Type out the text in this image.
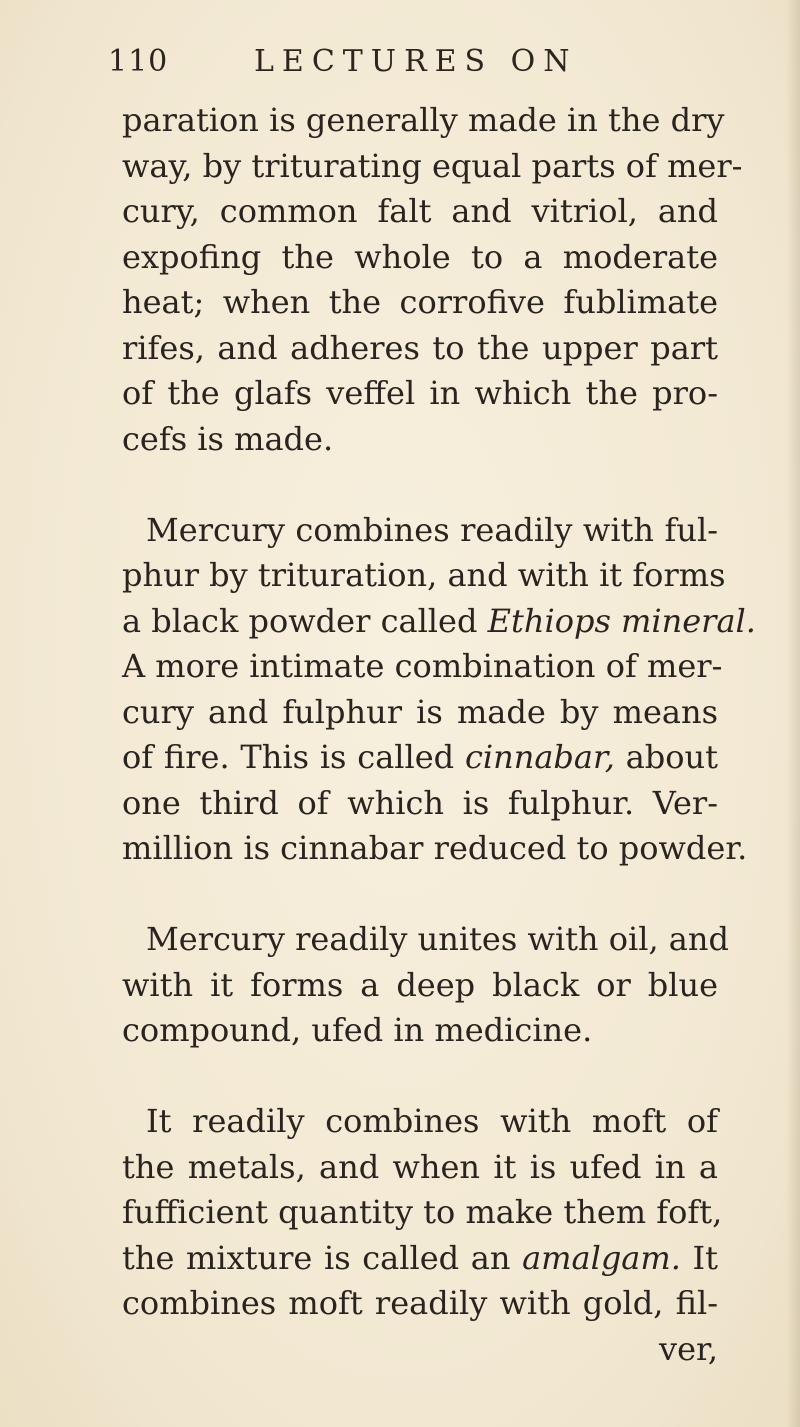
110	LECTURES ON
paration is generally made in the dry
way, by triturating equal parts of mer-
cury, common falt and vitriol, and
expofing the whole to a moderate
heat; when the corrofive fublimate
rifes, and adheres to the upper part
of the glafs veffel in which the pro-
cefs is made.
Mercury combines readily with ful-
phur by trituration, and with it forms
a black powder called Ethiops mineral.
A more intimate combination of mer-
cury and fulphur is made by means
of fire. This is called cinnabar, about
one third of which is fulphur. Ver-
million is cinnabar reduced to powder.
Mercury readily unites with oil, and
with it forms a deep black or blue
compound, ufed in medicine.
It readily combines with moft of
the metals, and when it is ufed in a
fufficient quantity to make them foft,
the mixture is called an amalgam. It
combines moft readily with gold, fil-
ver,
